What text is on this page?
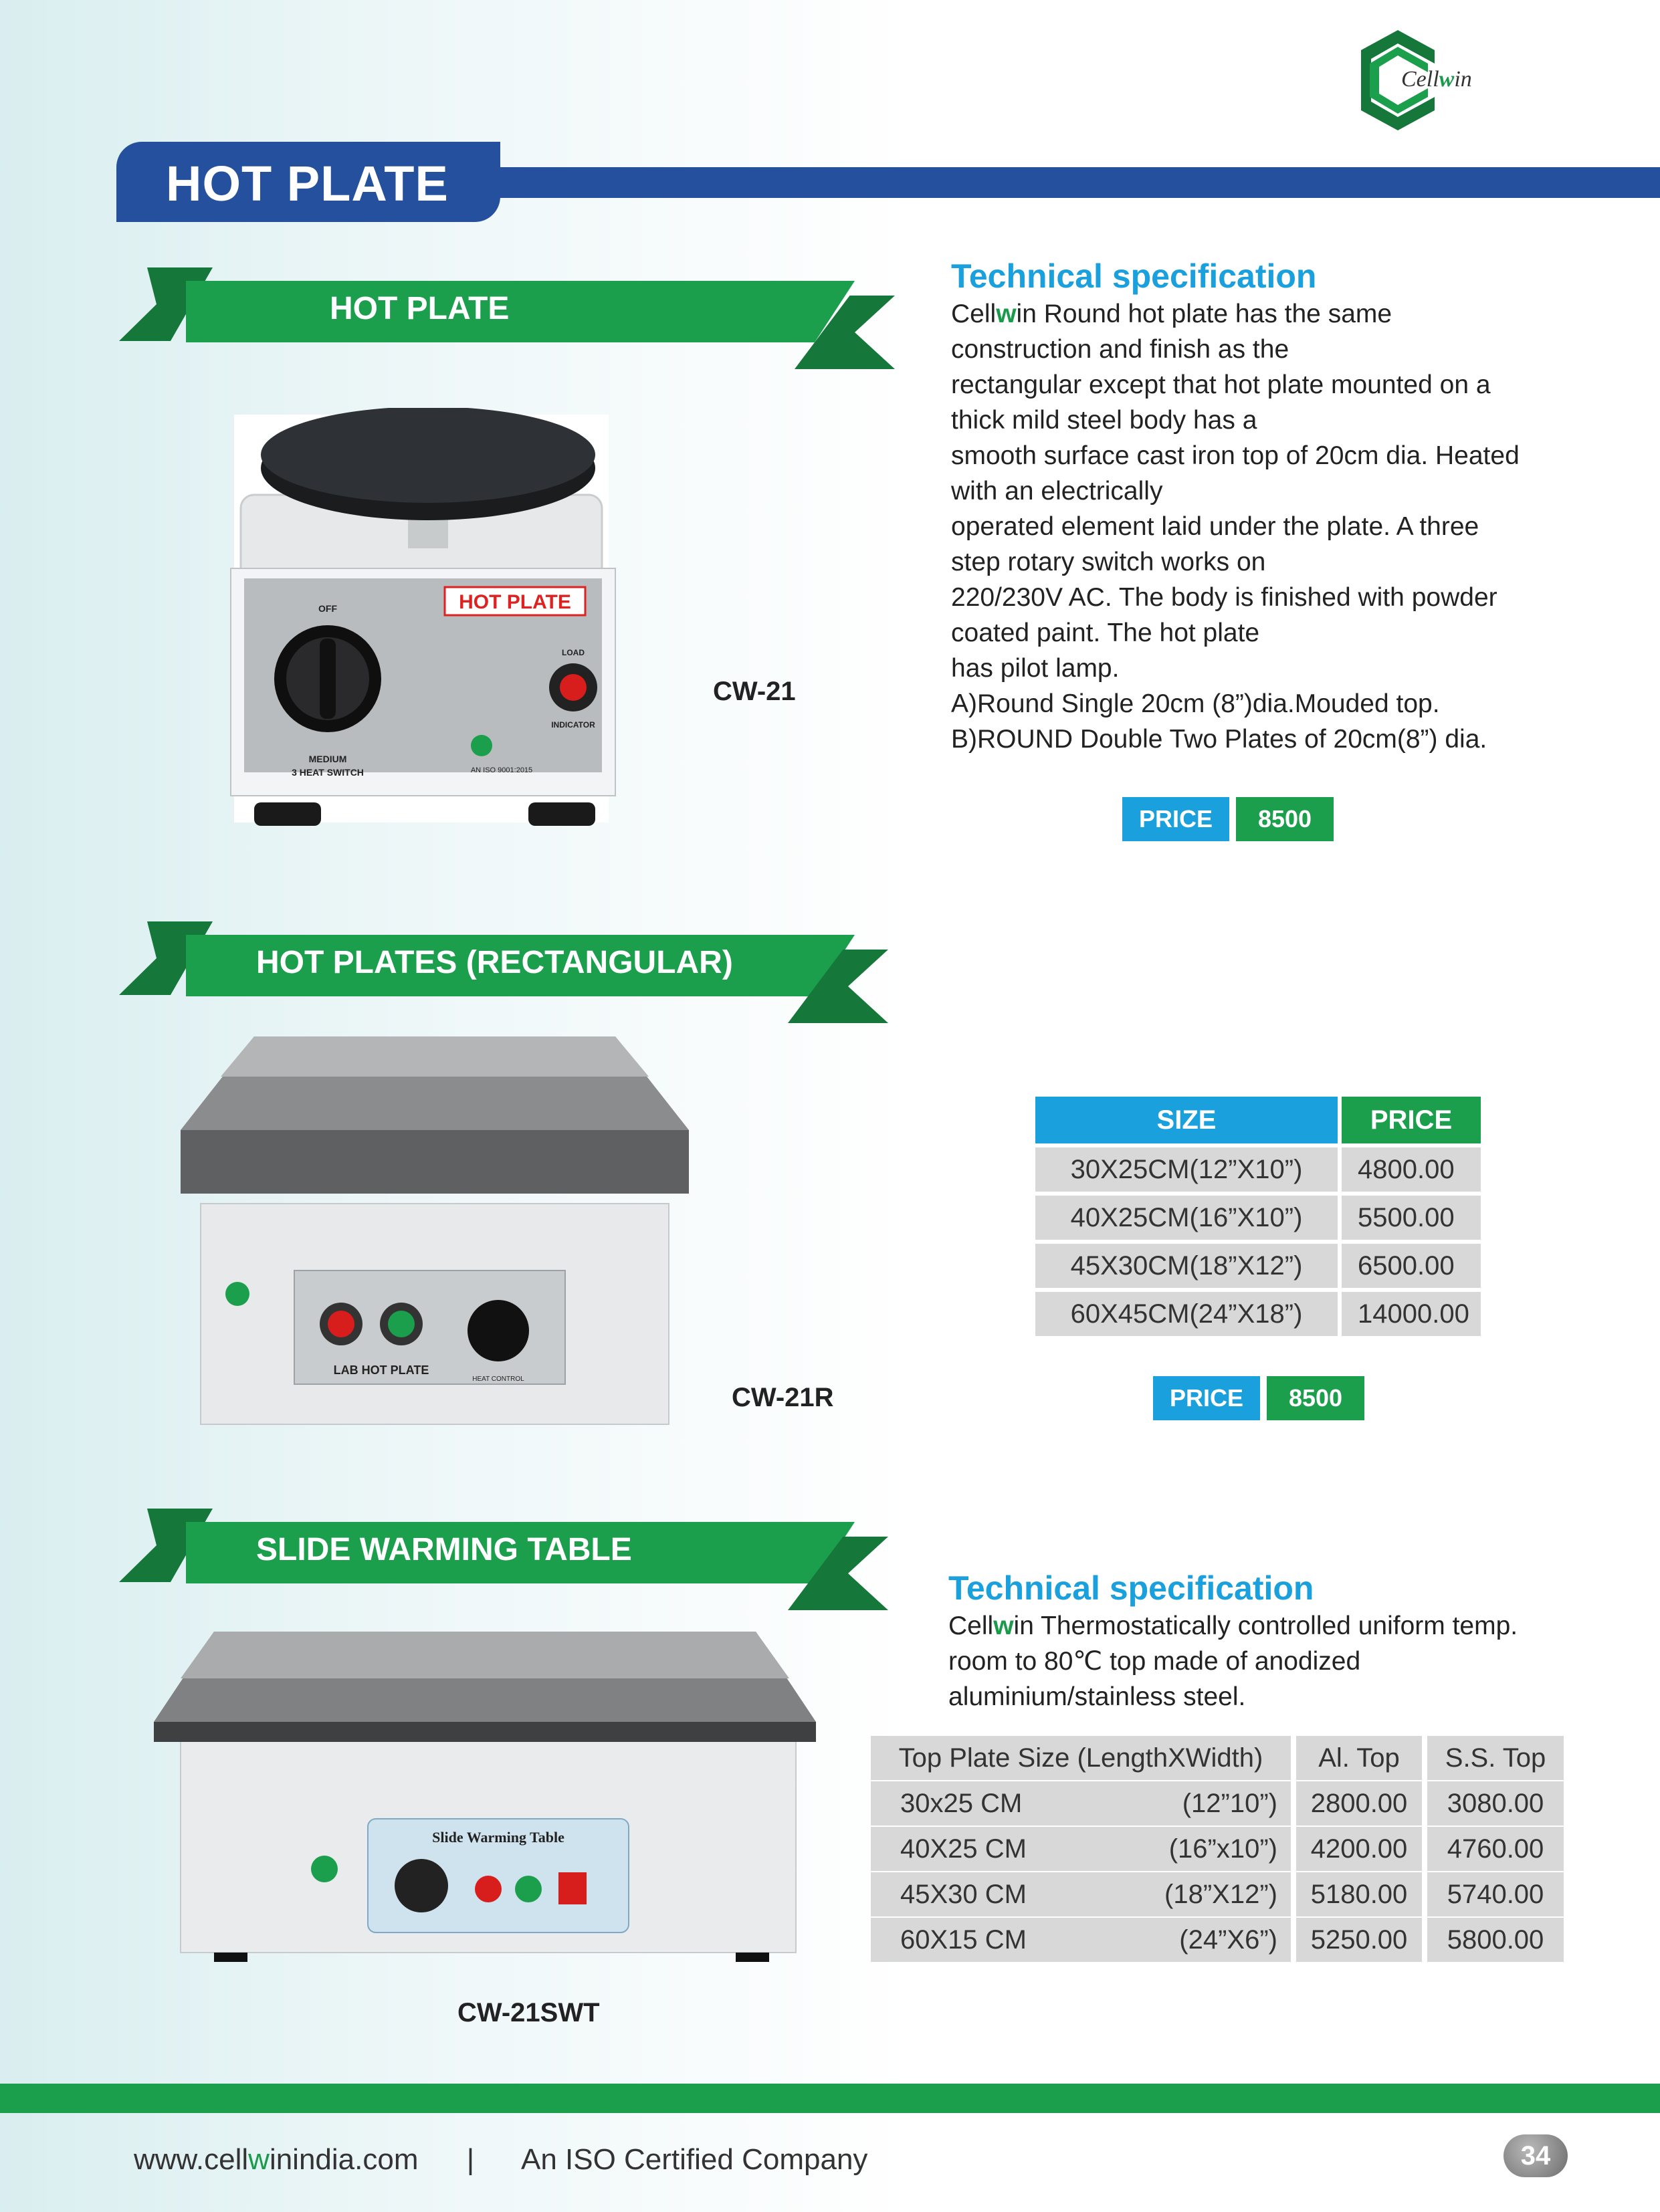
Cellwin
HOT PLATE
HOT PLATE
HOT PLATE
OFF
MEDIUM
3 HEAT SWITCH
LOAD
INDICATOR
AN ISO 9001:2015
CW-21
Technical specification
Cellwin Round hot plate has the same
construction and finish as the
rectangular except that hot plate mounted on a
thick mild steel body has a
smooth surface cast iron top of 20cm dia. Heated
with an electrically
operated element laid under the plate. A three
step rotary switch works on
220/230V AC. The body is finished with powder
coated paint. The hot plate
has pilot lamp.
A)Round Single 20cm (8”)dia.Mouded top.
B)ROUND Double Two Plates of 20cm(8”) dia.
PRICE	8500
HOT PLATES (RECTANGULAR)
LAB HOT PLATE
HEAT CONTROL
CW-21R
SIZE	PRICE
30X25CM(12”X10”)	4800.00
40X25CM(16”X10”)	5500.00
45X30CM(18”X12”)	6500.00
60X45CM(24”X18”)	14000.00
PRICE	8500
SLIDE WARMING TABLE
Slide Warming Table
CW-21SWT
Technical specification
Cellwin Thermostatically controlled uniform temp.
room to 80℃ top made of anodized
aluminium/stainless steel.
Top Plate Size (LengthXWidth)	Al. Top	S.S. Top
30x25 CM	(12”10”)	2800.00	3080.00
40X25 CM	(16”x10”)	4200.00	4760.00
45X30 CM	(18”X12”)	5180.00	5740.00
60X15 CM	(24”X6”)	5250.00	5800.00
www.cellwinindia.com | An ISO Certified Company	34
